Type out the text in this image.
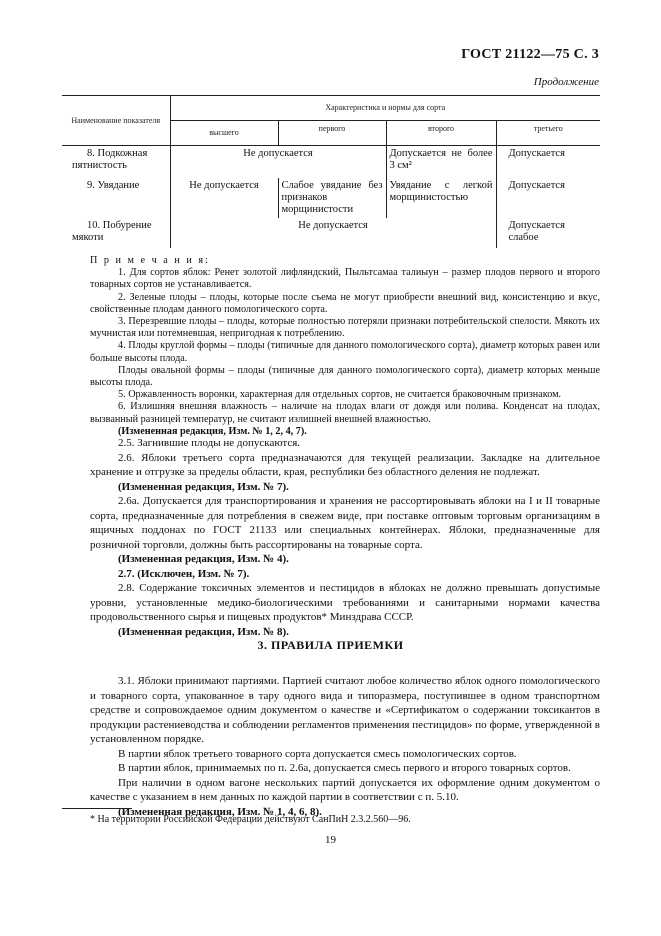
ГОСТ 21122—75 С. 3
Продолжение
Наименование показателя	Характеристика и нормы для сорта			
	высшего	первого	второго	третьего
8. Подкожная пятнистость	Не допускается		Допускается не более 3 см²	Допускается
9. Увядание	Не допускается	Слабое увядание без признаков морщинистости	Увядание с легкой морщинистостью	Допускается
10. Побурение мякоти	Не допускается			Допускается слабое

П р и м е ч а н и я:

1. Для сортов яблок: Ренет золотой лифляндский, Пыльтсамаа талиыун – размер плодов первого и второго товарных сортов не устанавливается.

2. Зеленые плоды – плоды, которые после съема не могут приобрести внешний вид, консистенцию и вкус, свойственные плодам данного помологического сорта.

3. Перезревшие плоды – плоды, которые полностью потеряли признаки потребительской спелости. Мякоть их мучнистая или потемневшая, непригодная к потреблению.

4. Плоды круглой формы – плоды (типичные для данного помологического сорта), диаметр которых равен или больше высоты плода.

Плоды овальной формы – плоды (типичные для данного помологического сорта), диаметр которых меньше высоты плода.

5. Оржавленность воронки, характерная для отдельных сортов, не считается браковочным признаком.

6. Излишняя внешняя влажность – наличие на плодах влаги от дождя или полива. Конденсат на плодах, вызванный разницей температур, не считают излишней внешней влажностью.

(Измененная редакция, Изм. № 1, 2, 4, 7).

2.5. Загнившие плоды не допускаются.

2.6. Яблоки третьего сорта предназначаются для текущей реализации. Закладке на длительное хранение и отгрузке за пределы области, края, республики без областного деления не подлежат.

(Измененная редакция, Изм. № 7).

2.6а. Допускается для транспортирования и хранения не рассортировывать яблоки на I и II товарные сорта, предназначенные для потребления в свежем виде, при поставке оптовым торговым организациям в ящичных поддонах по ГОСТ 21133 или специальных контейнерах. Яблоки, предназначенные для розничной торговли, должны быть рассортированы на товарные сорта.

(Измененная редакция, Изм. № 4).

2.7. (Исключен, Изм. № 7).

2.8. Содержание токсичных элементов и пестицидов в яблоках не должно превышать допустимые уровни, установленные медико-биологическими требованиями и санитарными нормами качества продовольственного сырья и пищевых продуктов* Минздрава СССР.

(Измененная редакция, Изм. № 8).

3. ПРАВИЛА ПРИЕМКИ

3.1. Яблоки принимают партиями. Партией считают любое количество яблок одного помологического и товарного сорта, упакованное в тару одного вида и типоразмера, поступившее в одном транспортном средстве и сопровождаемое одним документом о качестве и «Сертификатом о содержании токсикантов в продукции растениеводства и соблюдении регламентов применения пестицидов» по форме, утвержденной в установленном порядке.

В партии яблок третьего товарного сорта допускается смесь помологических сортов.

В партии яблок, принимаемых по п. 2.6а, допускается смесь первого и второго товарных сортов.

При наличии в одном вагоне нескольких партий допускается их оформление одним документом о качестве с указанием в нем данных по каждой партии в соответствии с п. 5.10.

(Измененная редакция, Изм. № 1, 4, 6, 8).

* На территории Российской Федерации действуют СанПиН 2.3.2.560—96.
19
